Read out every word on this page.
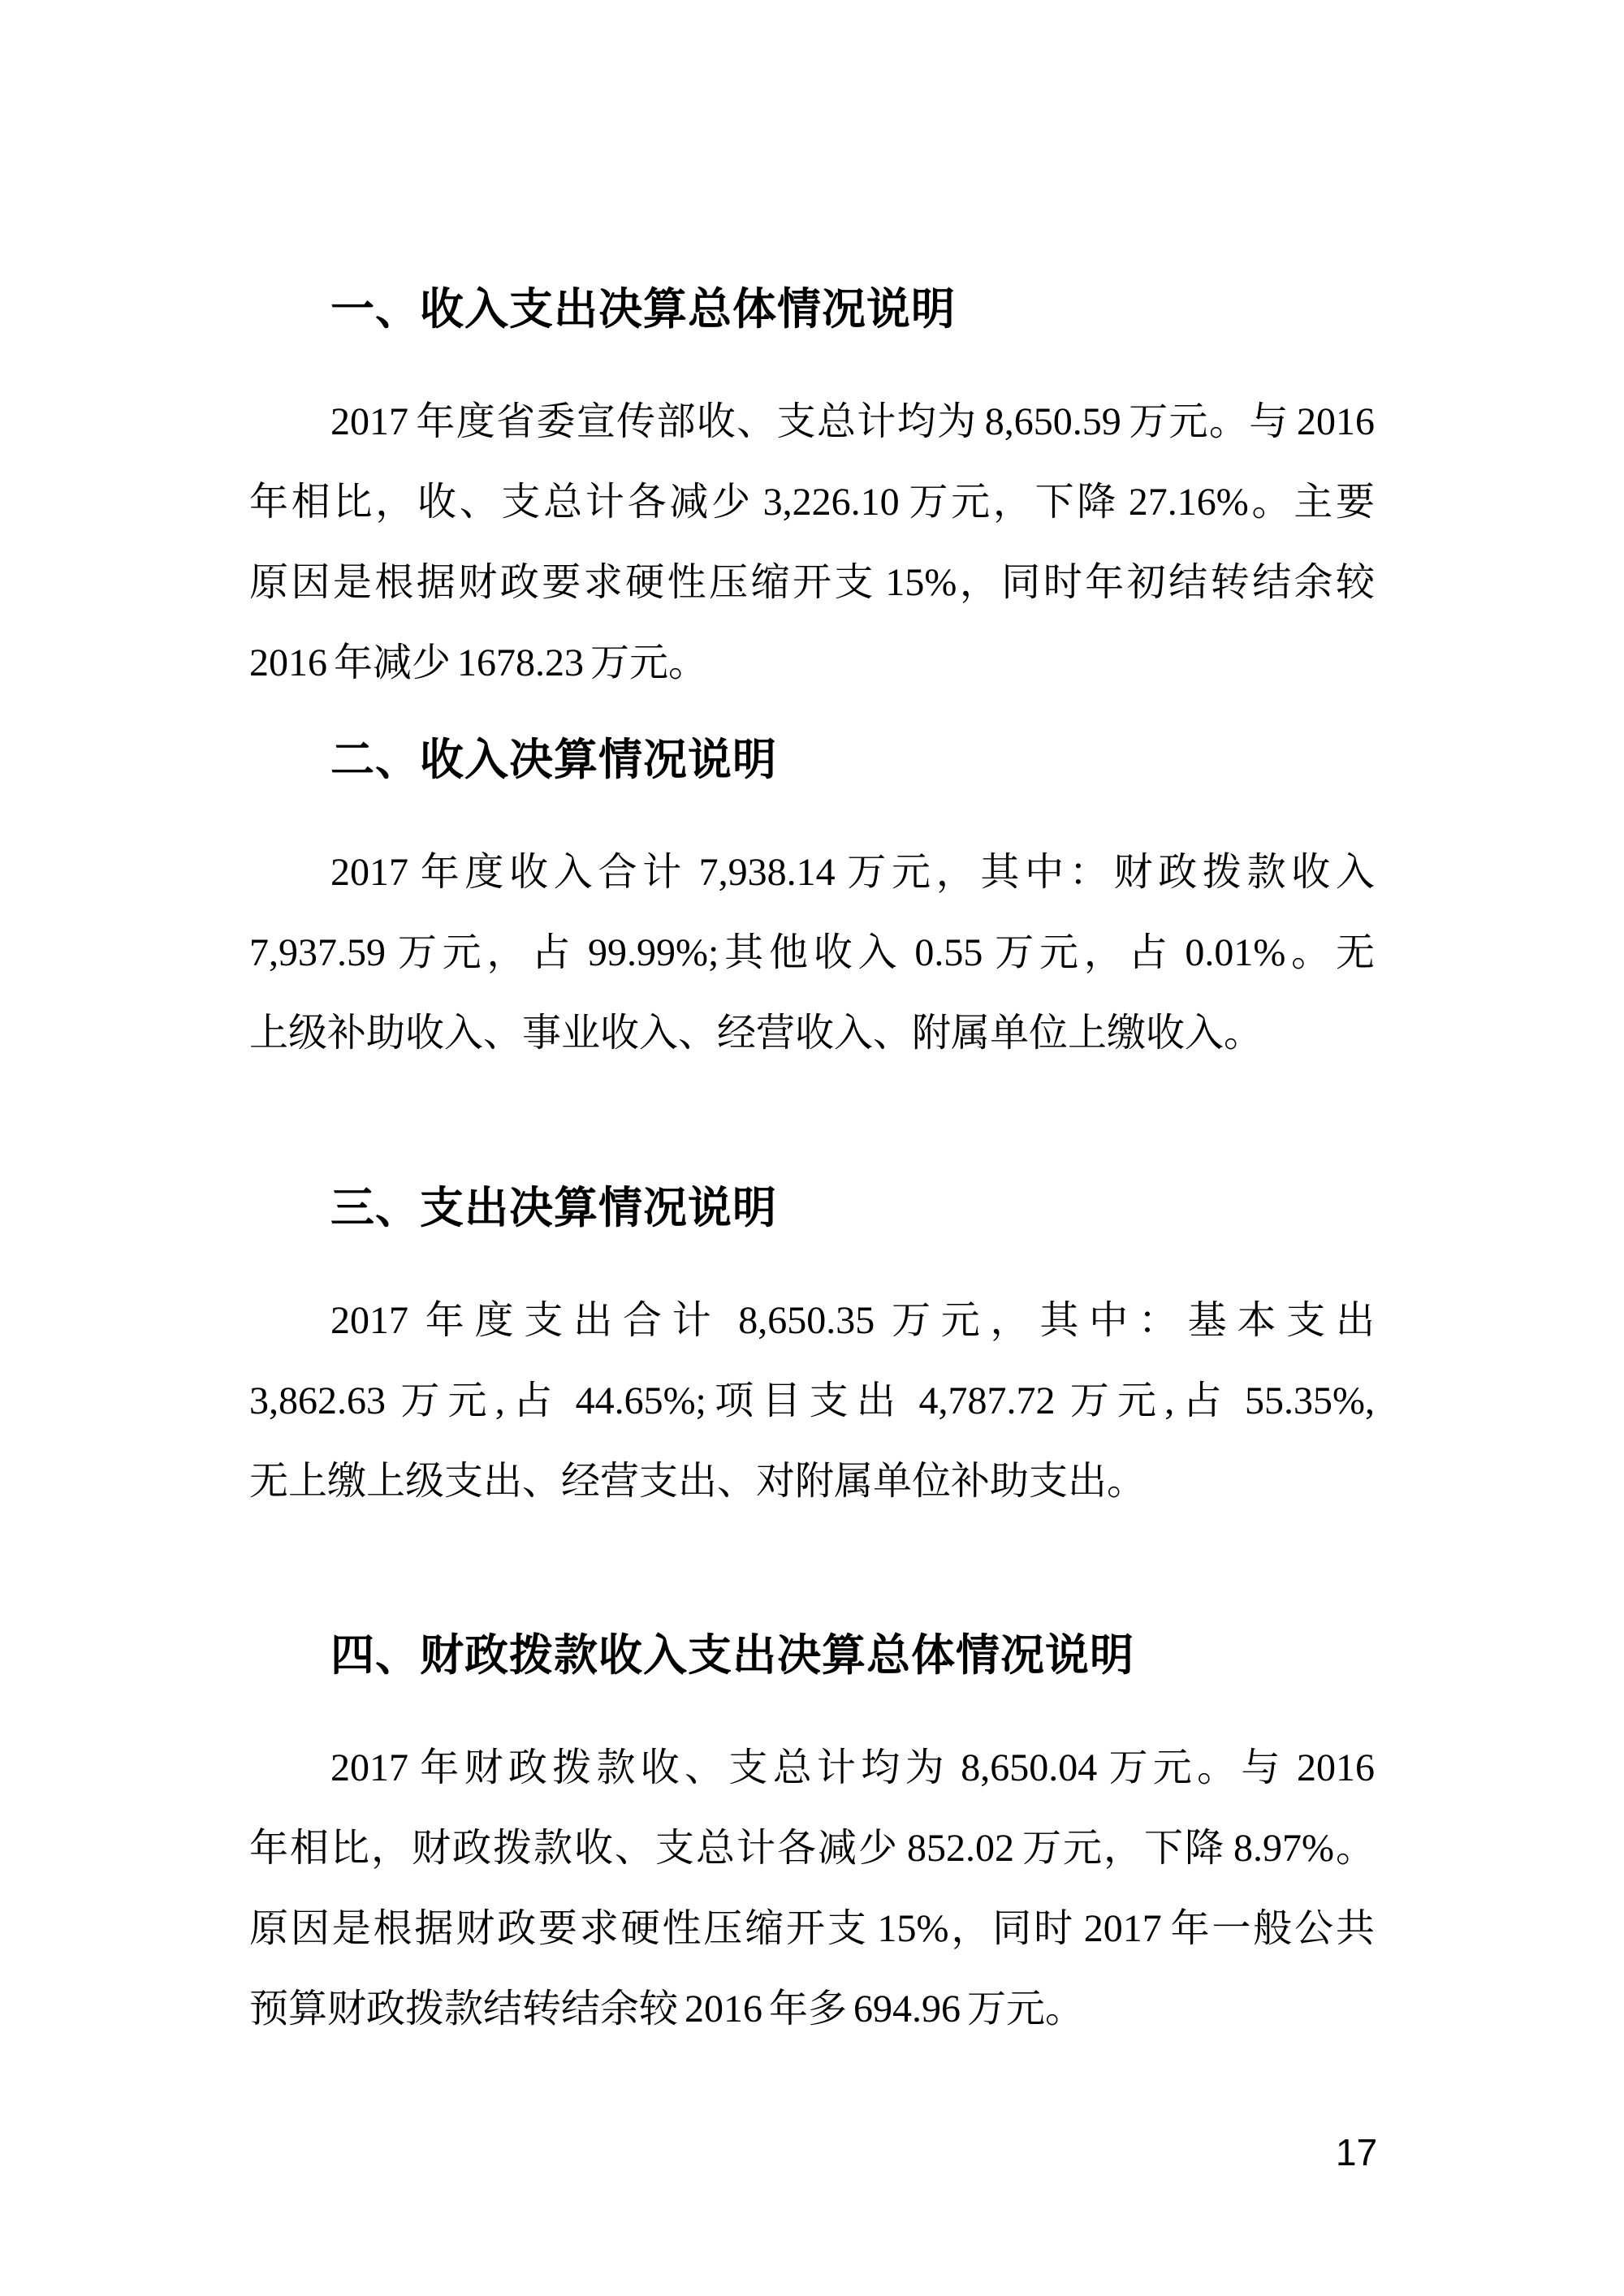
一、收入支出决算总体情况说明
2017 年度省委宣传部收、支总计均为 8,650.59 万元。与 2016
年相比，收、支总计各减少 3,226.10 万元，下降 27.16%。主要
原因是根据财政要求硬性压缩开支 15%，同时年初结转结余较
2016 年减少 1678.23 万元。
二、收入决算情况说明
2017 年度收入合计 7,938.14 万元，其中：财政拨款收入
7,937.59 万元，占 99.99%;其他收入 0.55 万元，占 0.01%。无
上级补助收入、事业收入、经营收入、附属单位上缴收入。
三、支出决算情况说明
2017 年度支出合计 8,650.35 万元，其中：基本支出
3,862.63 万元,占 44.65%;项目支出 4,787.72 万元,占 55.35%,
无上缴上级支出、经营支出、对附属单位补助支出。
四、财政拨款收入支出决算总体情况说明
2017 年财政拨款收、支总计均为 8,650.04 万元。与 2016
年相比，财政拨款收、支总计各减少 852.02 万元，下降 8.97%。
原因是根据财政要求硬性压缩开支 15%，同时 2017 年一般公共
预算财政拨款结转结余较 2016 年多 694.96 万元。
17
